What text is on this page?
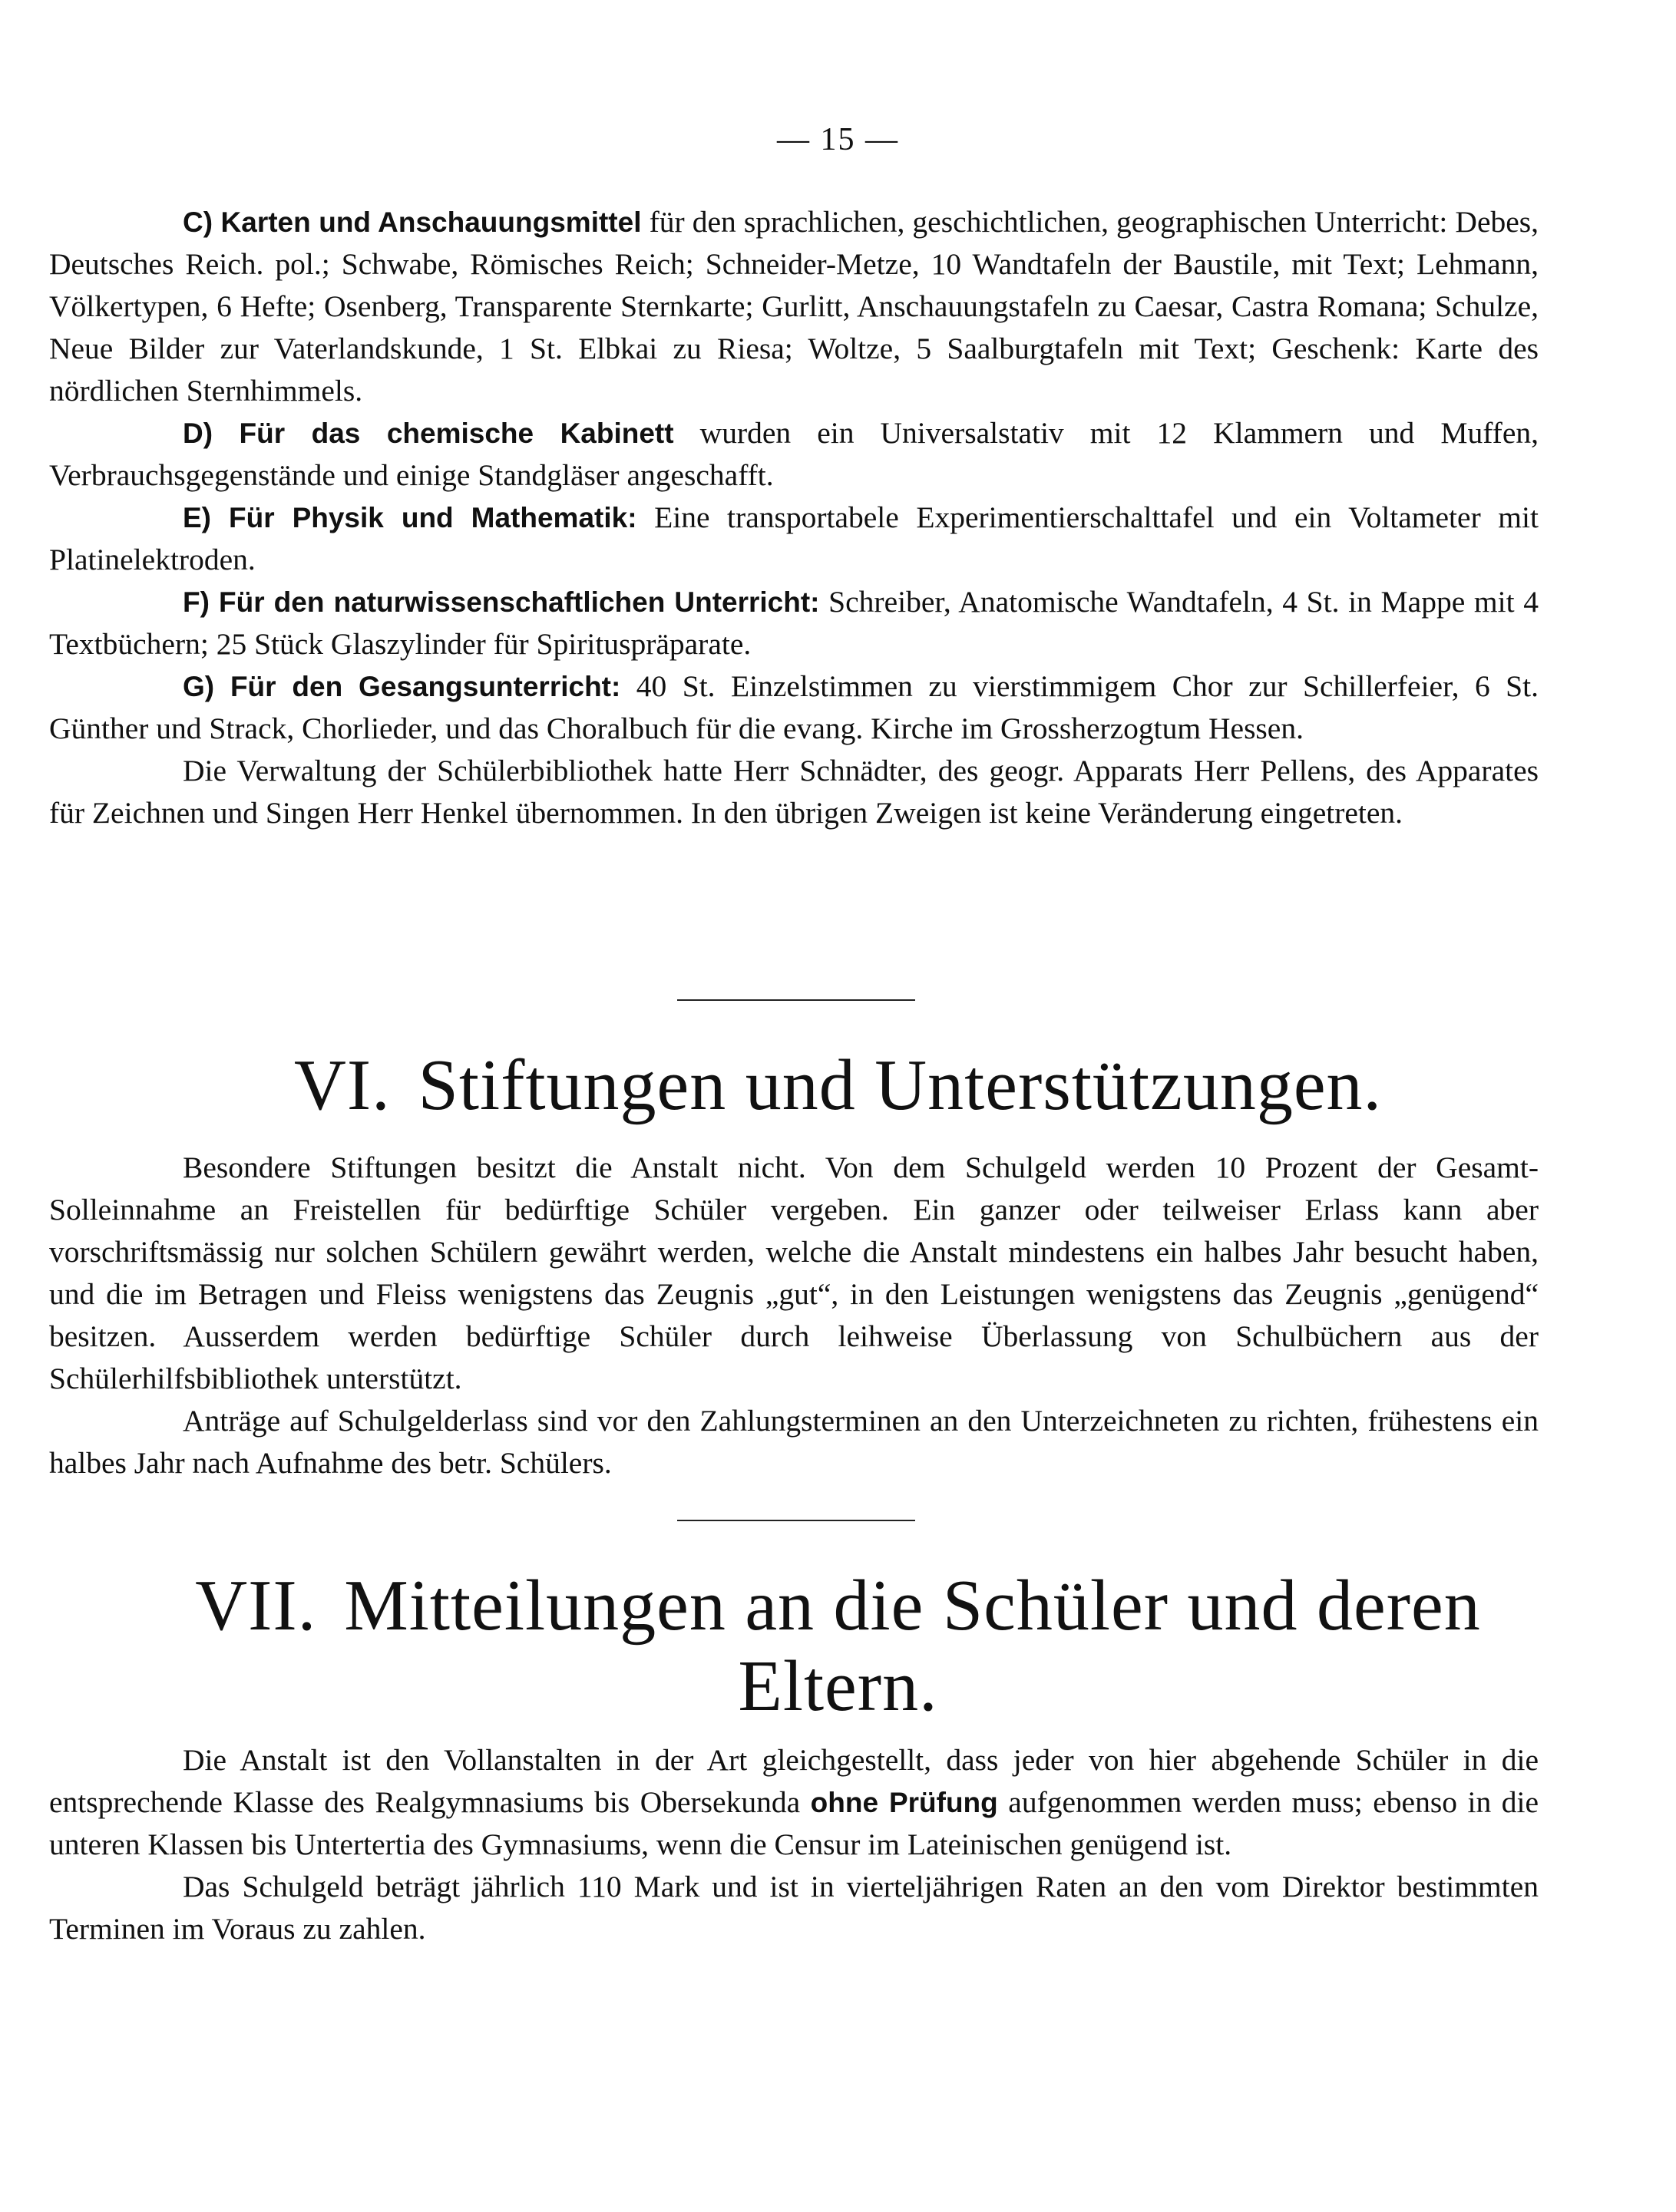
— 15 —

C) Karten und Anschauungsmittel für den sprachlichen, geschichtlichen, geographischen Unterricht: Debes, Deutsches Reich. pol.; Schwabe, Römisches Reich; Schneider-Metze, 10 Wandtafeln der Baustile, mit Text; Lehmann, Völkertypen, 6 Hefte; Osenberg, Transparente Sternkarte; Gurlitt, Anschauungstafeln zu Caesar, Castra Romana; Schulze, Neue Bilder zur Vaterlandskunde, 1 St. Elbkai zu Riesa; Woltze, 5 Saalburgtafeln mit Text; Geschenk: Karte des nördlichen Sternhimmels.

D) Für das chemische Kabinett wurden ein Universalstativ mit 12 Klammern und Muffen, Verbrauchsgegenstände und einige Standgläser angeschafft.

E) Für Physik und Mathematik: Eine transportabele Experimentierschalttafel und ein Voltameter mit Platinelektroden.

F) Für den naturwissenschaftlichen Unterricht: Schreiber, Anatomische Wandtafeln, 4 St. in Mappe mit 4 Textbüchern; 25 Stück Glaszylinder für Spirituspräparate.

G) Für den Gesangsunterricht: 40 St. Einzelstimmen zu vierstimmigem Chor zur Schillerfeier, 6 St. Günther und Strack, Chorlieder, und das Choralbuch für die evang. Kirche im Grossherzogtum Hessen.

Die Verwaltung der Schülerbibliothek hatte Herr Schnädter, des geogr. Apparats Herr Pellens, des Apparates für Zeichnen und Singen Herr Henkel übernommen. In den übrigen Zweigen ist keine Veränderung eingetreten.

VI. Stiftungen und Unterstützungen.

Besondere Stiftungen besitzt die Anstalt nicht. Von dem Schulgeld werden 10 Prozent der Gesamt-Solleinnahme an Freistellen für bedürftige Schüler vergeben. Ein ganzer oder teilweiser Erlass kann aber vorschriftsmässig nur solchen Schülern gewährt werden, welche die Anstalt mindestens ein halbes Jahr besucht haben, und die im Betragen und Fleiss wenigstens das Zeugnis „gut“, in den Leistungen wenigstens das Zeugnis „genügend“ besitzen. Ausserdem werden bedürftige Schüler durch leihweise Überlassung von Schulbüchern aus der Schülerhilfsbibliothek unterstützt.

Anträge auf Schulgelderlass sind vor den Zahlungsterminen an den Unterzeichneten zu richten, frühestens ein halbes Jahr nach Aufnahme des betr. Schülers.

VII. Mitteilungen an die Schüler und deren
Eltern.

Die Anstalt ist den Vollanstalten in der Art gleichgestellt, dass jeder von hier abgehende Schüler in die entsprechende Klasse des Realgymnasiums bis Obersekunda ohne Prüfung aufgenommen werden muss; ebenso in die unteren Klassen bis Untertertia des Gymnasiums, wenn die Censur im Lateinischen genügend ist.

Das Schulgeld beträgt jährlich 110 Mark und ist in vierteljährigen Raten an den vom Direktor bestimmten Terminen im Voraus zu zahlen.
